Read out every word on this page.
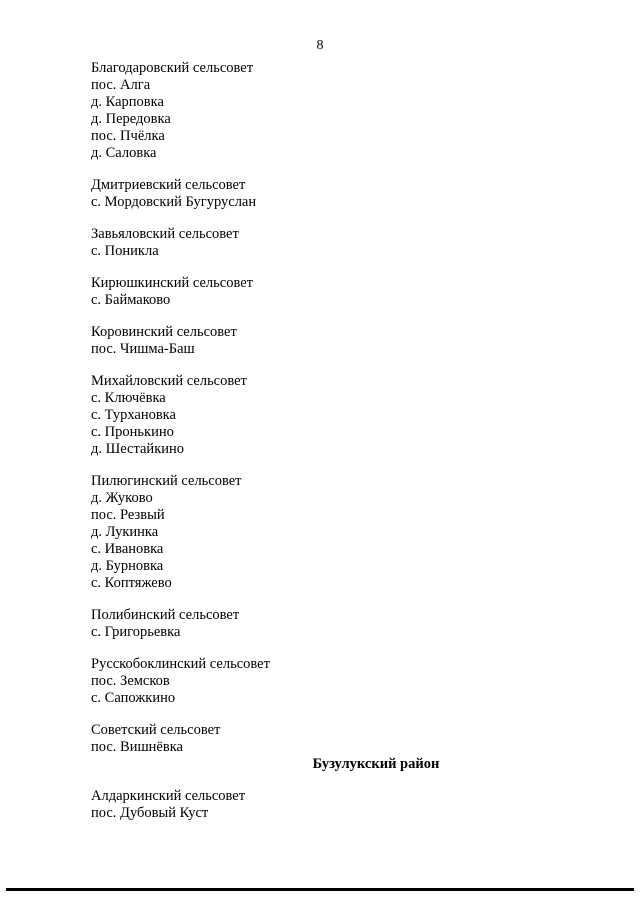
8
Благодаровский сельсовет
пос. Алга
д. Карповка
д. Передовка
пос. Пчёлка
д. Саловка
Дмитриевский сельсовет
с. Мордовский Бугуруслан
Завьяловский сельсовет
с. Поникла
Кирюшкинский сельсовет
с. Баймаково
Коровинский сельсовет
пос. Чишма-Баш
Михайловский сельсовет
с. Ключёвка
с. Турхановка
с. Пронькино
д. Шестайкино
Пилюгинский сельсовет
д. Жуково
пос. Резвый
д. Лукинка
с. Ивановка
д. Бурновка
с. Коптяжево
Полибинский сельсовет
с. Григорьевка
Русскобоклинский сельсовет
пос. Земсков
с. Сапожкино
Советский сельсовет
пос. Вишнёвка
Бузулукский район
Алдаркинский сельсовет
пос. Дубовый Куст
